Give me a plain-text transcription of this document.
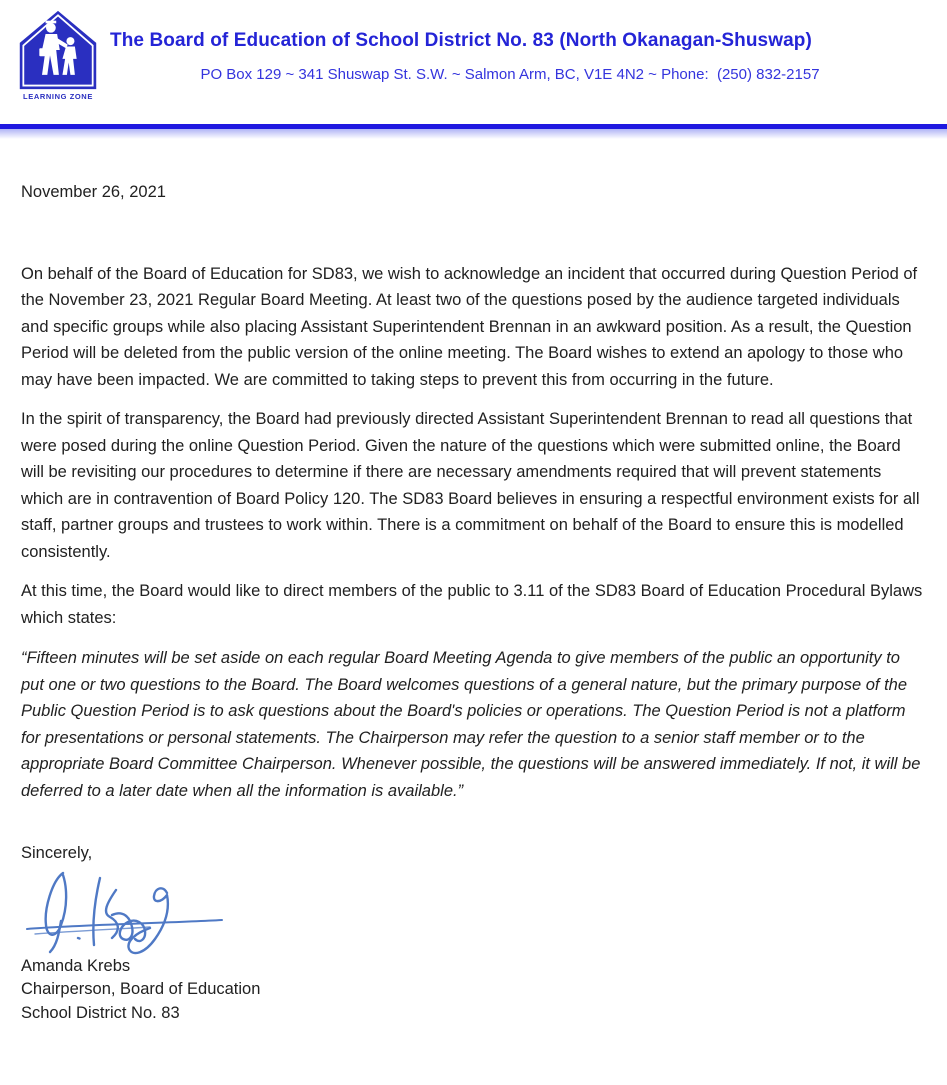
LEARNING ZONE
The Board of Education of School District No. 83 (North Okanagan-Shuswap)
PO Box 129 ~ 341 Shuswap St. S.W. ~ Salmon Arm, BC, V1E 4N2 ~ Phone:  (250) 832-2157

November 26, 2021

On behalf of the Board of Education for SD83, we wish to acknowledge an incident that occurred during Question Period of the November 23, 2021 Regular Board Meeting. At least two of the questions posed by the audience targeted individuals and specific groups while also placing Assistant Superintendent Brennan in an awkward position. As a result, the Question Period will be deleted from the public version of the online meeting. The Board wishes to extend an apology to those who may have been impacted. We are committed to taking steps to prevent this from occurring in the future.

In the spirit of transparency, the Board had previously directed Assistant Superintendent Brennan to read all questions that were posed during the online Question Period. Given the nature of the questions which were submitted online, the Board will be revisiting our procedures to determine if there are necessary amendments required that will prevent statements which are in contravention of Board Policy 120. The SD83 Board believes in ensuring a respectful environment exists for all staff, partner groups and trustees to work within. There is a commitment on behalf of the Board to ensure this is modelled consistently.

At this time, the Board would like to direct members of the public to 3.11 of the SD83 Board of Education Procedural Bylaws which states:

“Fifteen minutes will be set aside on each regular Board Meeting Agenda to give members of the public an opportunity to put one or two questions to the Board. The Board welcomes questions of a general nature, but the primary purpose of the Public Question Period is to ask questions about the Board's policies or operations. The Question Period is not a platform for presentations or personal statements. The Chairperson may refer the question to a senior staff member or to the appropriate Board Committee Chairperson. Whenever possible, the questions will be answered immediately. If not, it will be deferred to a later date when all the information is available.”

Sincerely,

Amanda Krebs
Chairperson, Board of Education
School District No. 83
